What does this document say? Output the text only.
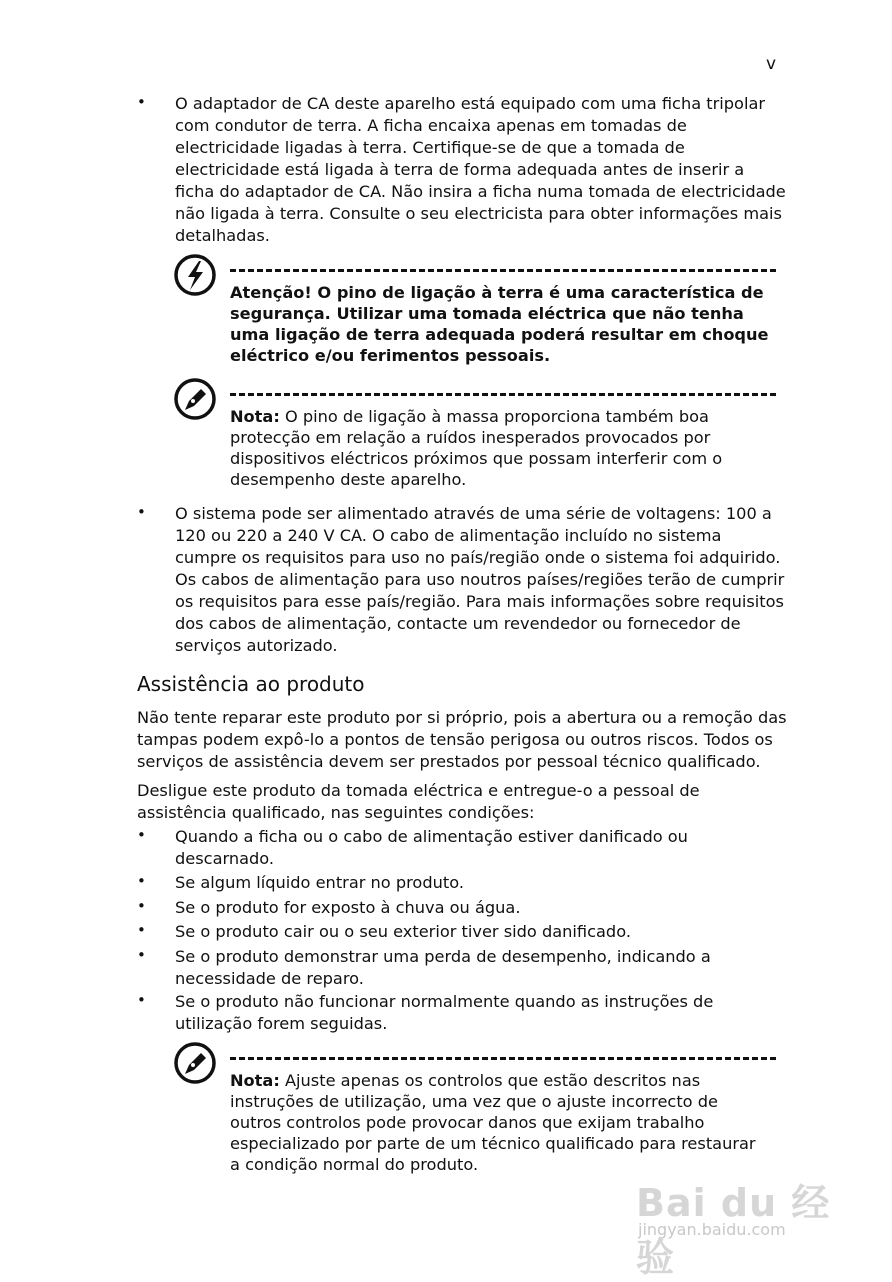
v
• O adaptador de CA deste aparelho está equipado com uma ficha tripolar com condutor de terra. A ficha encaixa apenas em tomadas de electricidade ligadas à terra. Certifique-se de que a tomada de electricidade está ligada à terra de forma adequada antes de inserir a ficha do adaptador de CA. Não insira a ficha numa tomada de electricidade não ligada à terra. Consulte o seu electricista para obter informações mais detalhadas.
Atenção! O pino de ligação à terra é uma característica de segurança. Utilizar uma tomada eléctrica que não tenha uma ligação de terra adequada poderá resultar em choque eléctrico e/ou ferimentos pessoais.
Nota: O pino de ligação à massa proporciona também boa protecção em relação a ruídos inesperados provocados por dispositivos eléctricos próximos que possam interferir com o desempenho deste aparelho.
• O sistema pode ser alimentado através de uma série de voltagens: 100 a 120 ou 220 a 240 V CA. O cabo de alimentação incluído no sistema cumpre os requisitos para uso no país/região onde o sistema foi adquirido. Os cabos de alimentação para uso noutros países/regiões terão de cumprir os requisitos para esse país/região. Para mais informações sobre requisitos dos cabos de alimentação, contacte um revendedor ou fornecedor de serviços autorizado.
Assistência ao produto
Não tente reparar este produto por si próprio, pois a abertura ou a remoção das tampas podem expô-lo a pontos de tensão perigosa ou outros riscos. Todos os serviços de assistência devem ser prestados por pessoal técnico qualificado.
Desligue este produto da tomada eléctrica e entregue-o a pessoal de assistência qualificado, nas seguintes condições:
• Quando a ficha ou o cabo de alimentação estiver danificado ou descarnado.
• Se algum líquido entrar no produto.
• Se o produto for exposto à chuva ou água.
• Se o produto cair ou o seu exterior tiver sido danificado.
• Se o produto demonstrar uma perda de desempenho, indicando a necessidade de reparo.
• Se o produto não funcionar normalmente quando as instruções de utilização forem seguidas.
Nota: Ajuste apenas os controlos que estão descritos nas instruções de utilização, uma vez que o ajuste incorrecto de outros controlos pode provocar danos que exijam trabalho especializado por parte de um técnico qualificado para restaurar a condição normal do produto.
Bai du 经验
jingyan.baidu.com
